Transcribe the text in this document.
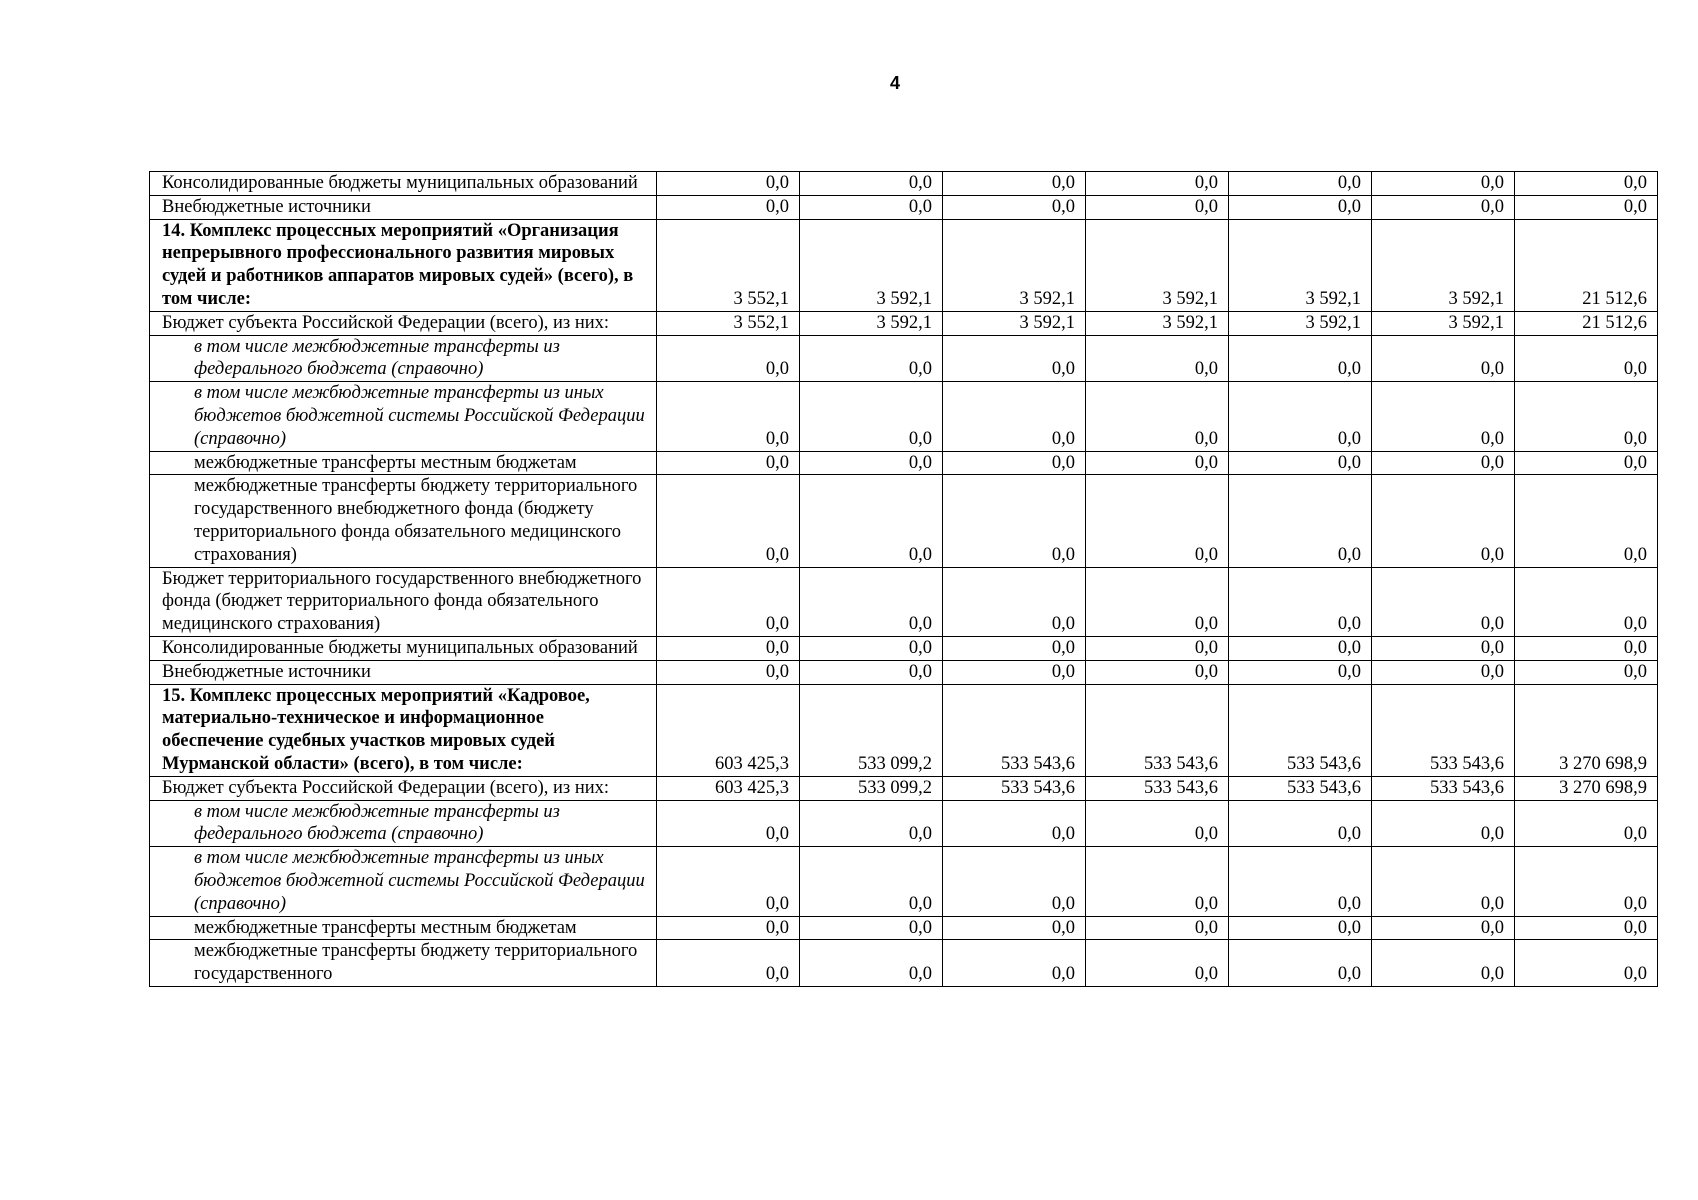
4
Консолидированные бюджеты муниципальных образований	0,0	0,0	0,0	0,0	0,0	0,0	0,0
Внебюджетные источники	0,0	0,0	0,0	0,0	0,0	0,0	0,0
14. Комплекс процессных мероприятий «Организация непрерывного профессионального развития мировых судей и работников аппаратов мировых судей» (всего), в том числе:	3 552,1	3 592,1	3 592,1	3 592,1	3 592,1	3 592,1	21 512,6
Бюджет субъекта Российской Федерации (всего), из них:	3 552,1	3 592,1	3 592,1	3 592,1	3 592,1	3 592,1	21 512,6
в том числе межбюджетные трансферты из федерального бюджета (справочно)	0,0	0,0	0,0	0,0	0,0	0,0	0,0
в том числе межбюджетные трансферты из иных бюджетов бюджетной системы Российской Федерации (справочно)	0,0	0,0	0,0	0,0	0,0	0,0	0,0
межбюджетные трансферты местным бюджетам	0,0	0,0	0,0	0,0	0,0	0,0	0,0
межбюджетные трансферты бюджету территориального государственного внебюджетного фонда (бюджету территориального фонда обязательного медицинского страхования)	0,0	0,0	0,0	0,0	0,0	0,0	0,0
Бюджет территориального государственного внебюджетного фонда (бюджет территориального фонда обязательного медицинского страхования)	0,0	0,0	0,0	0,0	0,0	0,0	0,0
Консолидированные бюджеты муниципальных образований	0,0	0,0	0,0	0,0	0,0	0,0	0,0
Внебюджетные источники	0,0	0,0	0,0	0,0	0,0	0,0	0,0
15. Комплекс процессных мероприятий «Кадровое, материально-техническое и информационное обеспечение судебных участков мировых судей Мурманской области» (всего), в том числе:	603 425,3	533 099,2	533 543,6	533 543,6	533 543,6	533 543,6	3 270 698,9
Бюджет субъекта Российской Федерации (всего), из них:	603 425,3	533 099,2	533 543,6	533 543,6	533 543,6	533 543,6	3 270 698,9
в том числе межбюджетные трансферты из федерального бюджета (справочно)	0,0	0,0	0,0	0,0	0,0	0,0	0,0
в том числе межбюджетные трансферты из иных бюджетов бюджетной системы Российской Федерации (справочно)	0,0	0,0	0,0	0,0	0,0	0,0	0,0
межбюджетные трансферты местным бюджетам	0,0	0,0	0,0	0,0	0,0	0,0	0,0
межбюджетные трансферты бюджету территориального государственного	0,0	0,0	0,0	0,0	0,0	0,0	0,0
